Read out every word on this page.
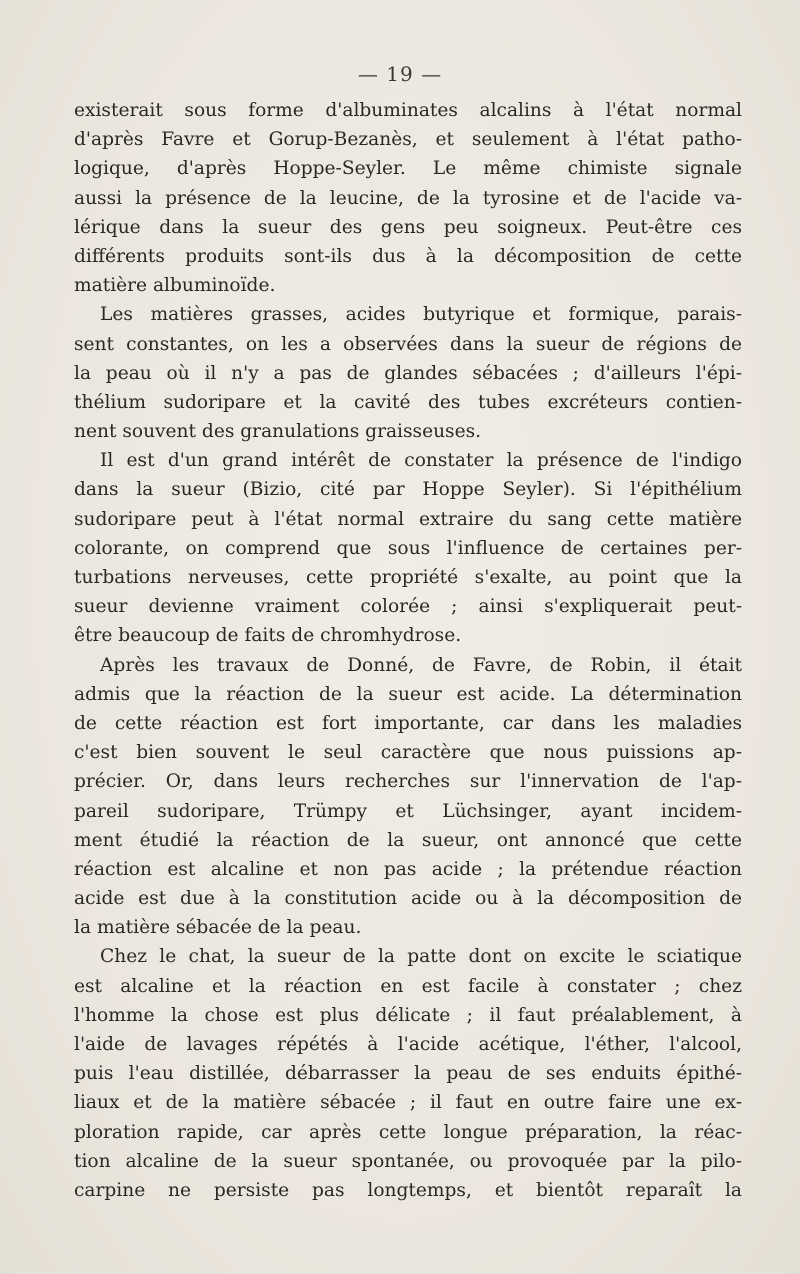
— 19 —
existerait sous forme d'albuminates alcalins à l'état normal
d'après Favre et Gorup-Bezanès, et seulement à l'état patho-
logique, d'après Hoppe-Seyler. Le même chimiste signale
aussi la présence de la leucine, de la tyrosine et de l'acide va-
lérique dans la sueur des gens peu soigneux. Peut-être ces
différents produits sont-ils dus à la décomposition de cette
matière albuminoïde.
Les matières grasses, acides butyrique et formique, parais-
sent constantes, on les a observées dans la sueur de régions de
la peau où il n'y a pas de glandes sébacées ; d'ailleurs l'épi-
thélium sudoripare et la cavité des tubes excréteurs contien-
nent souvent des granulations graisseuses.
Il est d'un grand intérêt de constater la présence de l'indigo
dans la sueur (Bizio, cité par Hoppe Seyler). Si l'épithélium
sudoripare peut à l'état normal extraire du sang cette matière
colorante, on comprend que sous l'influence de certaines per-
turbations nerveuses, cette propriété s'exalte, au point que la
sueur devienne vraiment colorée ; ainsi s'expliquerait peut-
être beaucoup de faits de chromhydrose.
Après les travaux de Donné, de Favre, de Robin, il était
admis que la réaction de la sueur est acide. La détermination
de cette réaction est fort importante, car dans les maladies
c'est bien souvent le seul caractère que nous puissions ap-
précier. Or, dans leurs recherches sur l'innervation de l'ap-
pareil sudoripare, Trümpy et Lüchsinger, ayant incidem-
ment étudié la réaction de la sueur, ont annoncé que cette
réaction est alcaline et non pas acide ; la prétendue réaction
acide est due à la constitution acide ou à la décomposition de
la matière sébacée de la peau.
Chez le chat, la sueur de la patte dont on excite le sciatique
est alcaline et la réaction en est facile à constater ; chez
l'homme la chose est plus délicate ; il faut préalablement, à
l'aide de lavages répétés à l'acide acétique, l'éther, l'alcool,
puis l'eau distillée, débarrasser la peau de ses enduits épithé-
liaux et de la matière sébacée ; il faut en outre faire une ex-
ploration rapide, car après cette longue préparation, la réac-
tion alcaline de la sueur spontanée, ou provoquée par la pilo-
carpine ne persiste pas longtemps, et bientôt reparaît la
